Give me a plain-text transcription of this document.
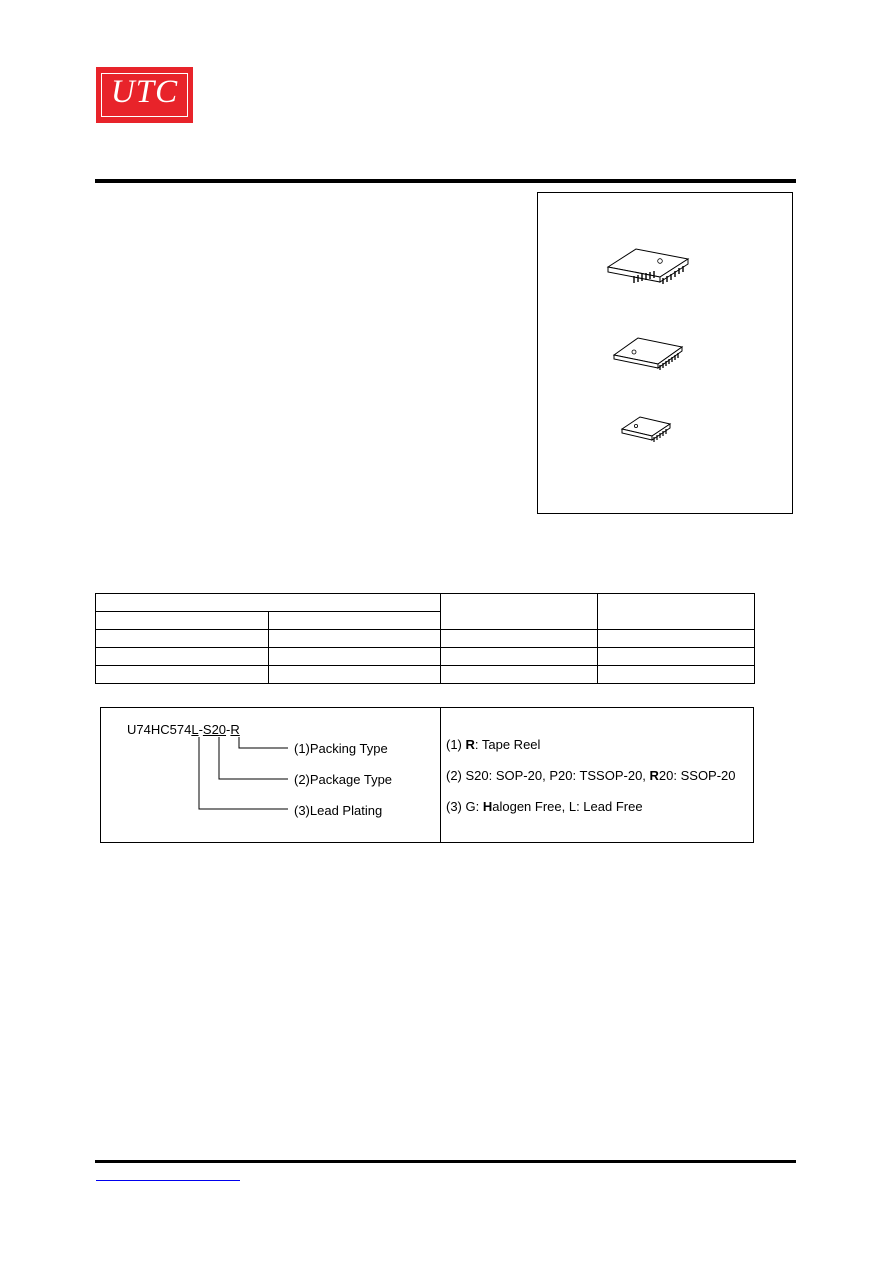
UTC

U74HC574L-S20-R
(1)Packing Type
(2)Package Type
(3)Lead Plating
(1) R: Tape Reel
(2) S20: SOP-20, P20: TSSOP-20, R20: SSOP-20
(3) G: Halogen Free, L: Lead Free
